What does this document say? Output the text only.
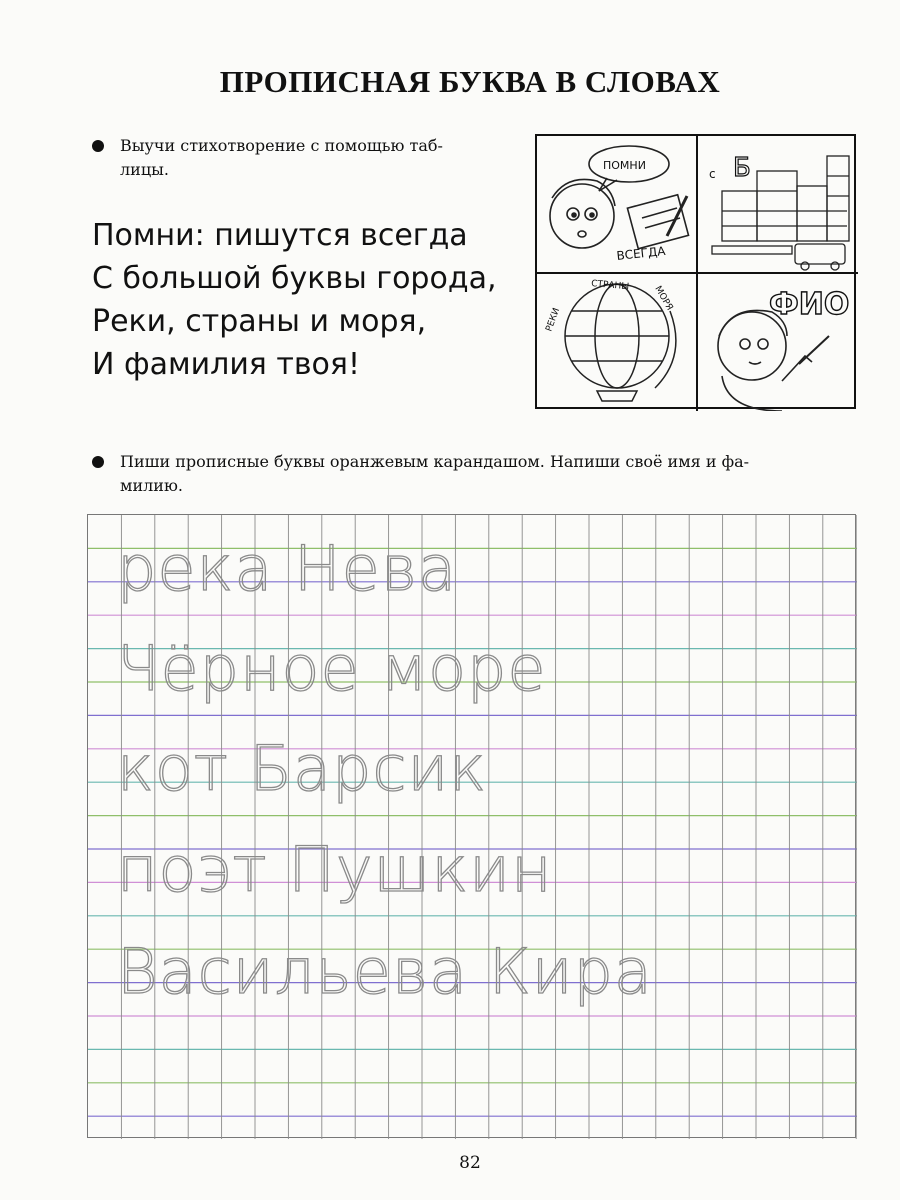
ПРОПИСНАЯ БУКВА В СЛОВАХ
Выучи стихотворение с помощью таб-
лицы.
Помни: пишутся всегда
С большой буквы города,
Реки, страны и моря,
И фамилия твоя!
ПОМНИ
ВСЕГДА
с Б
РЕКИ
СТРАНЫ	МОРЯ	ФИО
Пиши прописные буквы оранжевым карандашом. Напиши своё имя и фа-
милию.
река Нева
Чёрное море
кот Барсик
поэт Пушкин
Васильева Кира
82
